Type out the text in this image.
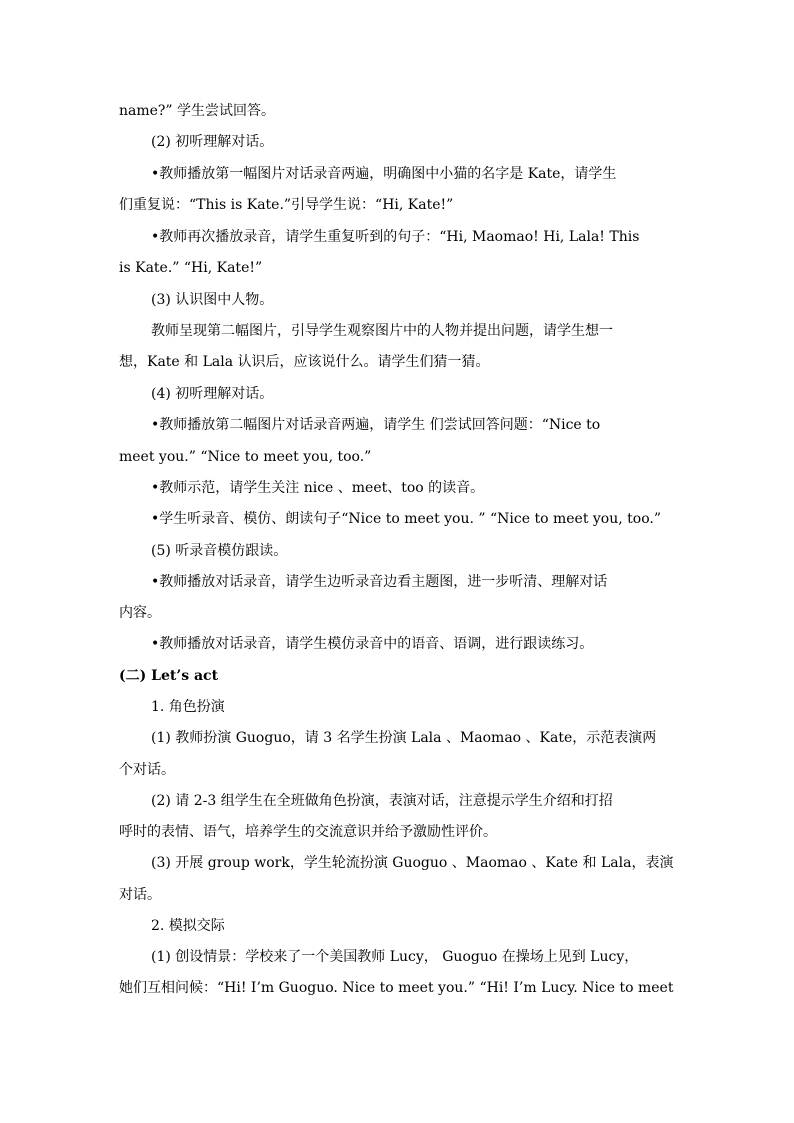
name?” 学生尝试回答。
(2) 初听理解对话。
•教师播放第一幅图片对话录音两遍，明确图中小猫的名字是 Kate，请学生
们重复说：“This is Kate.”引导学生说：“Hi, Kate!”
•教师再次播放录音，请学生重复听到的句子：“Hi, Maomao! Hi, Lala! This
is Kate.” “Hi, Kate!”
(3) 认识图中人物。
教师呈现第二幅图片，引导学生观察图片中的人物并提出问题，请学生想一
想，Kate 和 Lala 认识后，应该说什么。请学生们猜一猜。
(4) 初听理解对话。
•教师播放第二幅图片对话录音两遍，请学生 们尝试回答问题：“Nice to
meet you.” “Nice to meet you, too.”
•教师示范，请学生关注 nice 、meet、too 的读音。
•学生听录音、模仿、朗读句子“Nice to meet you. ” “Nice to meet you, too.”
(5) 听录音模仿跟读。
•教师播放对话录音，请学生边听录音边看主题图，进一步听清、理解对话
内容。
•教师播放对话录音，请学生模仿录音中的语音、语调，进行跟读练习。
(二) Let’s act
1. 角色扮演
(1) 教师扮演 Guoguo，请 3 名学生扮演 Lala 、Maomao 、Kate，示范表演两
个对话。
(2) 请 2-3 组学生在全班做角色扮演，表演对话，注意提示学生介绍和打招
呼时的表情、语气，培养学生的交流意识并给予激励性评价。
(3) 开展 group work，学生轮流扮演 Guoguo 、Maomao 、Kate 和 Lala，表演
对话。
2. 模拟交际
(1) 创设情景：学校来了一个美国教师 Lucy， Guoguo 在操场上见到 Lucy，
她们互相问候：“Hi! I’m Guoguo. Nice to meet you.” “Hi! I’m Lucy. Nice to meet
